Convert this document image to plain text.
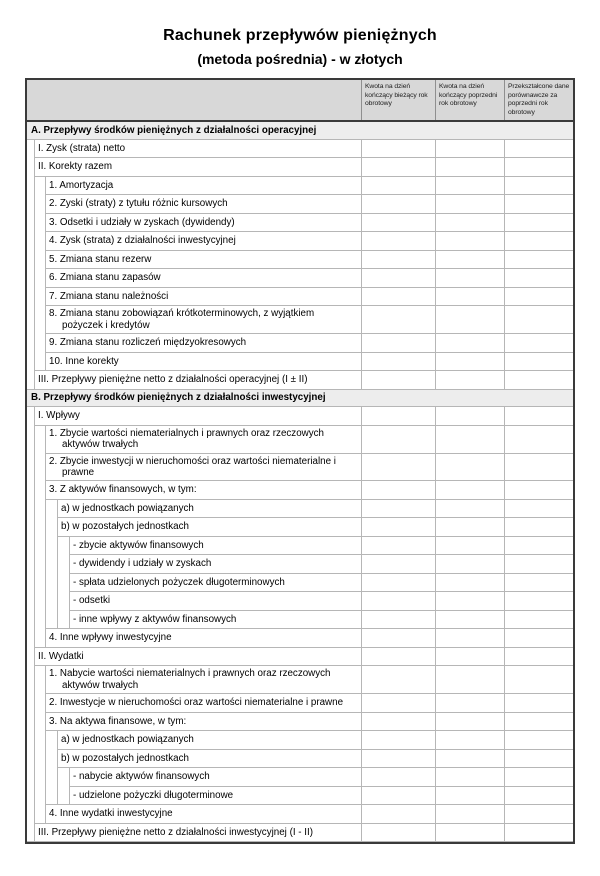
Rachunek przepływów pieniężnych
(metoda pośrednia) - w złotych
Kwota na dzień kończący bieżący rok obrotowy
Kwota na dzień kończący poprzedni rok obrotowy
Przekształcone dane porównawcze za poprzedni rok obrotowy
A. Przepływy środków pieniężnych z działalności operacyjnej
I. Zysk (strata) netto
II. Korekty razem
1. Amortyzacja
2. Zyski (straty) z tytułu różnic kursowych
3. Odsetki i udziały w zyskach (dywidendy)
4. Zysk (strata) z działalności inwestycyjnej
5. Zmiana stanu rezerw
6. Zmiana stanu zapasów
7. Zmiana stanu należności
8. Zmiana stanu zobowiązań krótkoterminowych, z wyjątkiem pożyczek i kredytów
9. Zmiana stanu rozliczeń międzyokresowych
10. Inne korekty
III. Przepływy pieniężne netto z działalności operacyjnej (I ± II)
B. Przepływy środków pieniężnych z działalności inwestycyjnej
I. Wpływy
1. Zbycie wartości niematerialnych i prawnych oraz rzeczowych aktywów trwałych
2. Zbycie inwestycji w nieruchomości oraz wartości niematerialne i prawne
3. Z aktywów finansowych, w tym:
a) w jednostkach powiązanych
b) w pozostałych jednostkach
- zbycie aktywów finansowych
- dywidendy i udziały w zyskach
- spłata udzielonych pożyczek długoterminowych
- odsetki
- inne wpływy z aktywów finansowych
4. Inne wpływy inwestycyjne
II. Wydatki
1. Nabycie wartości niematerialnych i prawnych oraz rzeczowych aktywów trwałych
2. Inwestycje w nieruchomości oraz wartości niematerialne i prawne
3. Na aktywa finansowe, w tym:
a) w jednostkach powiązanych
b) w pozostałych jednostkach
- nabycie aktywów finansowych
- udzielone pożyczki długoterminowe
4. Inne wydatki inwestycyjne
III. Przepływy pieniężne netto z działalności inwestycyjnej (I - II)
